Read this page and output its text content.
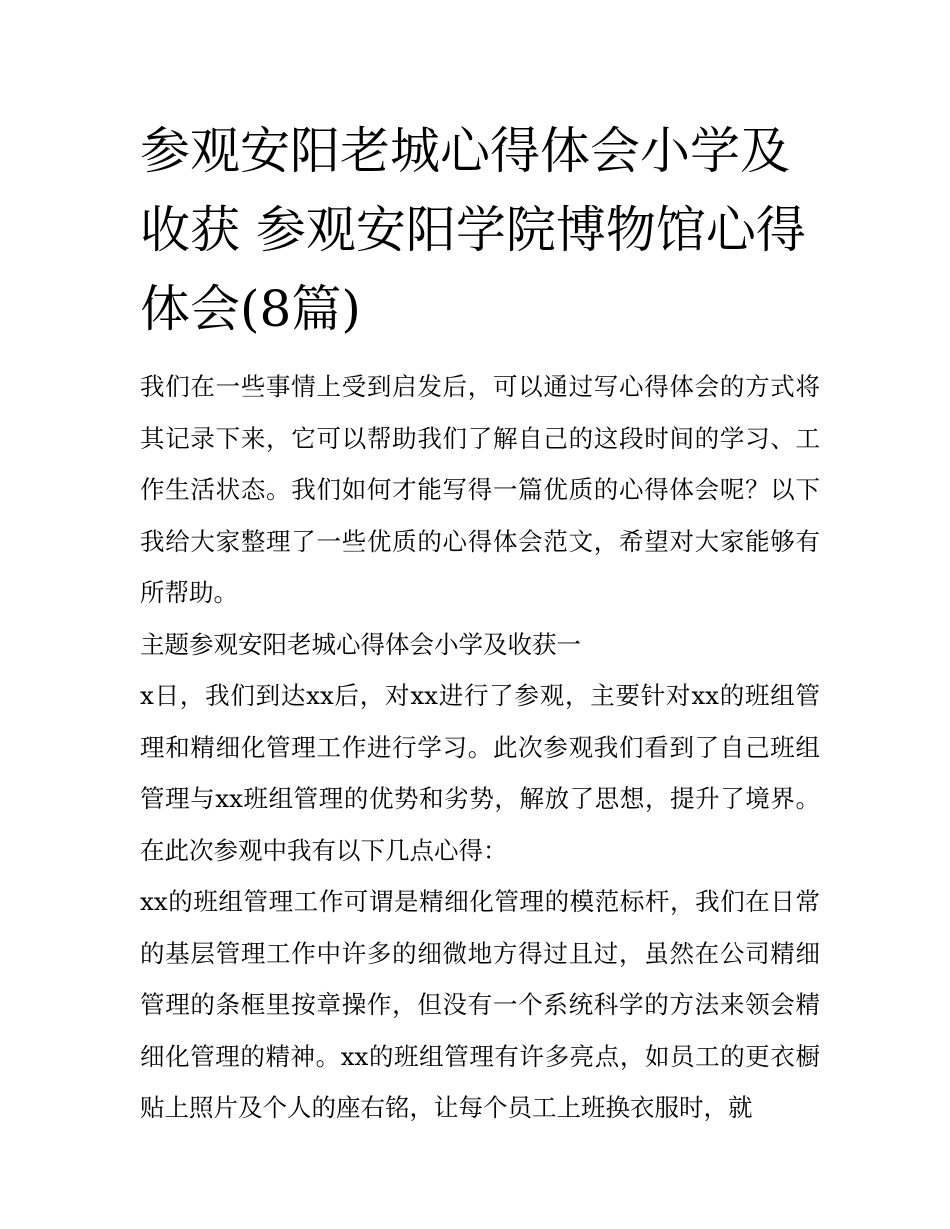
参观安阳老城心得体会小学及收获 参观安阳学院博物馆心得体会(8篇)

我们在一些事情上受到启发后，可以通过写心得体会的方式将其记录下来，它可以帮助我们了解自己的这段时间的学习、工作生活状态。我们如何才能写得一篇优质的心得体会呢？以下我给大家整理了一些优质的心得体会范文，希望对大家能够有所帮助。

主题参观安阳老城心得体会小学及收获一

x日，我们到达xx后，对xx进行了参观，主要针对xx的班组管理和精细化管理工作进行学习。此次参观我们看到了自己班组管理与xx班组管理的优势和劣势，解放了思想，提升了境界。在此次参观中我有以下几点心得：

xx的班组管理工作可谓是精细化管理的模范标杆，我们在日常的基层管理工作中许多的细微地方得过且过，虽然在公司精细管理的条框里按章操作，但没有一个系统科学的方法来领会精细化管理的精神。xx的班组管理有许多亮点，如员工的更衣橱贴上照片及个人的座右铭，让每个员工上班换衣服时，就
